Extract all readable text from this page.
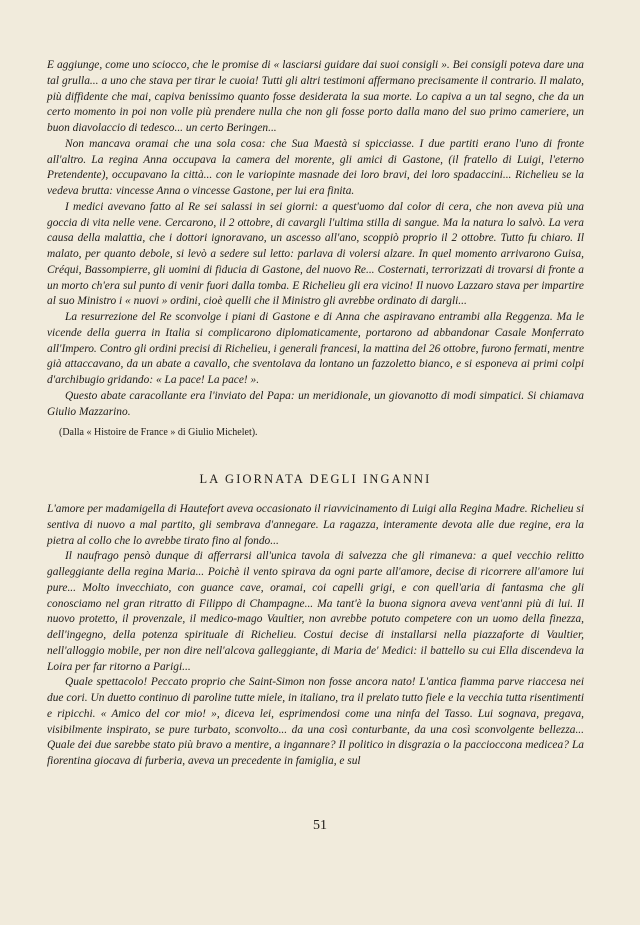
E aggiunge, come uno sciocco, che le promise di « lasciarsi guidare dai suoi consigli ». Bei consigli poteva dare una tal grulla... a uno che stava per tirar le cuoia! Tutti gli altri testimoni affermano precisamente il contrario. Il malato, più diffidente che mai, capiva benissimo quanto fosse desiderata la sua morte. Lo capiva a un tal segno, che da un certo momento in poi non volle più prendere nulla che non gli fosse porto dalla mano del suo primo cameriere, un buon diavolaccio di tedesco... un certo Beringen...

Non mancava oramai che una sola cosa: che Sua Maestà si spicciasse. I due partiti erano l'uno di fronte all'altro. La regina Anna occupava la camera del morente, gli amici di Gastone, (il fratello di Luigi, l'eterno Pretendente), occupavano la città... con le variopinte masnade dei loro bravi, dei loro spadaccini... Richelieu se la vedeva brutta: vincesse Anna o vincesse Gastone, per lui era finita.

I medici avevano fatto al Re sei salassi in sei giorni: a quest'uomo dal color di cera, che non aveva più una goccia di vita nelle vene. Cercarono, il 2 ottobre, di cavargli l'ultima stilla di sangue. Ma la natura lo salvò. La vera causa della malattia, che i dottori ignoravano, un ascesso all'ano, scoppiò proprio il 2 ottobre. Tutto fu chiaro. Il malato, per quanto debole, si levò a sedere sul letto: parlava di volersi alzare. In quel momento arrivarono Guisa, Créqui, Bassompierre, gli uomini di fiducia di Gastone, del nuovo Re... Costernati, terrorizzati di trovarsi di fronte a un morto ch'era sul punto di venir fuori dalla tomba. E Richelieu gli era vicino! Il nuovo Lazzaro stava per impartire al suo Ministro i « nuovi » ordini, cioè quelli che il Ministro gli avrebbe ordinato di dargli...

La resurrezione del Re sconvolge i piani di Gastone e di Anna che aspiravano entrambi alla Reggenza. Ma le vicende della guerra in Italia si complicarono diplomaticamente, portarono ad abbandonar Casale Monferrato all'Impero. Contro gli ordini precisi di Richelieu, i generali francesi, la mattina del 26 ottobre, furono fermati, mentre già attaccavano, da un abate a cavallo, che sventolava da lontano un fazzoletto bianco, e si esponeva ai primi colpi d'archibugio gridando: « La pace! La pace! ».

Questo abate caracollante era l'inviato del Papa: un meridionale, un giovanotto di modi simpatici. Si chiamava Giulio Mazzarino.

(Dalla « Histoire de France » di Giulio Michelet).

LA GIORNATA DEGLI INGANNI

L'amore per madamigella di Hautefort aveva occasionato il riavvicinamento di Luigi alla Regina Madre. Richelieu si sentiva di nuovo a mal partito, gli sembrava d'annegare. La ragazza, interamente devota alle due regine, era la pietra al collo che lo avrebbe tirato fino al fondo...

Il naufrago pensò dunque di afferrarsi all'unica tavola di salvezza che gli rimaneva: a quel vecchio relitto galleggiante della regina Maria... Poichè il vento spirava da ogni parte all'amore, decise di ricorrere all'amore lui pure... Molto invecchiato, con guance cave, oramai, coi capelli grigi, e con quell'aria di fantasma che gli conosciamo nel gran ritratto di Filippo di Champagne... Ma tant'è la buona signora aveva vent'anni più di lui. Il nuovo protetto, il provenzale, il medico-mago Vaultier, non avrebbe potuto competere con un uomo della finezza, dell'ingegno, della potenza spirituale di Richelieu. Costui decise di installarsi nella piazzaforte di Vaultier, nell'alloggio mobile, per non dire nell'alcova galleggiante, di Maria de' Medici: il battello su cui Ella discendeva la Loira per far ritorno a Parigi...

Quale spettacolo! Peccato proprio che Saint-Simon non fosse ancora nato! L'antica fiamma parve riaccesa nei due cori. Un duetto continuo di paroline tutte miele, in italiano, tra il prelato tutto fiele e la vecchia tutta risentimenti e ripicchi. « Amico del cor mio! », diceva lei, esprimendosi come una ninfa del Tasso. Lui sognava, pregava, visibilmente inspirato, se pure turbato, sconvolto... da una così conturbante, da una così sconvolgente bellezza... Quale dei due sarebbe stato più bravo a mentire, a ingannare? Il politico in disgrazia o la paccioccona medicea? La fiorentina giocava di furberia, aveva un precedente in famiglia, e sul

51
